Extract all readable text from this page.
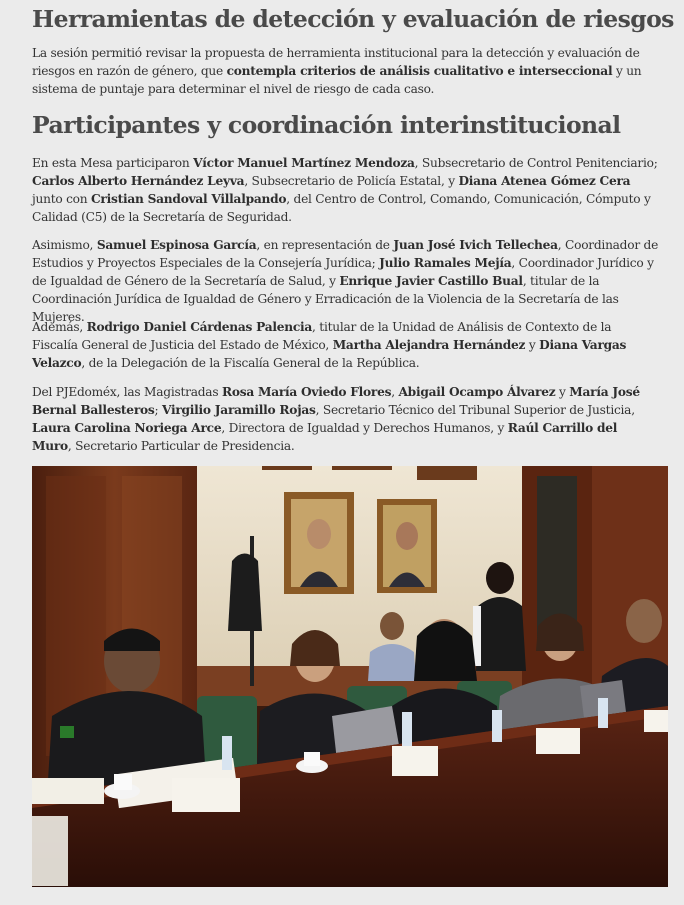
Herramientas de detección y evaluación de riesgos

La sesión permitió revisar la propuesta de herramienta institucional para la detección y evaluación de riesgos en razón de género, que contempla criterios de análisis cualitativo e interseccional y un sistema de puntaje para determinar el nivel de riesgo de cada caso.

Participantes y coordinación interinstitucional

En esta Mesa participaron Víctor Manuel Martínez Mendoza, Subsecretario de Control Penitenciario; Carlos Alberto Hernández Leyva, Subsecretario de Policía Estatal, y Diana Atenea Gómez Cera junto con Cristian Sandoval Villalpando, del Centro de Control, Comando, Comunicación, Cómputo y Calidad (C5) de la Secretaría de Seguridad.

Asimismo, Samuel Espinosa García, en representación de Juan José Ivich Tellechea, Coordinador de Estudios y Proyectos Especiales de la Consejería Jurídica; Julio Ramales Mejía, Coordinador Jurídico y de Igualdad de Género de la Secretaría de Salud, y Enrique Javier Castillo Bual, titular de la Coordinación Jurídica de Igualdad de Género y Erradicación de la Violencia de la Secretaría de las Mujeres.

Además, Rodrigo Daniel Cárdenas Palencia, titular de la Unidad de Análisis de Contexto de la Fiscalía General de Justicia del Estado de México, Martha Alejandra Hernández y Diana Vargas Velazco, de la Delegación de la Fiscalía General de la República.

Del PJEdoméx, las Magistradas Rosa María Oviedo Flores, Abigail Ocampo Álvarez y María José Bernal Ballesteros; Virgilio Jaramillo Rojas, Secretario Técnico del Tribunal Superior de Justicia, Laura Carolina Noriega Arce, Directora de Igualdad y Derechos Humanos, y Raúl Carrillo del Muro, Secretario Particular de Presidencia.
